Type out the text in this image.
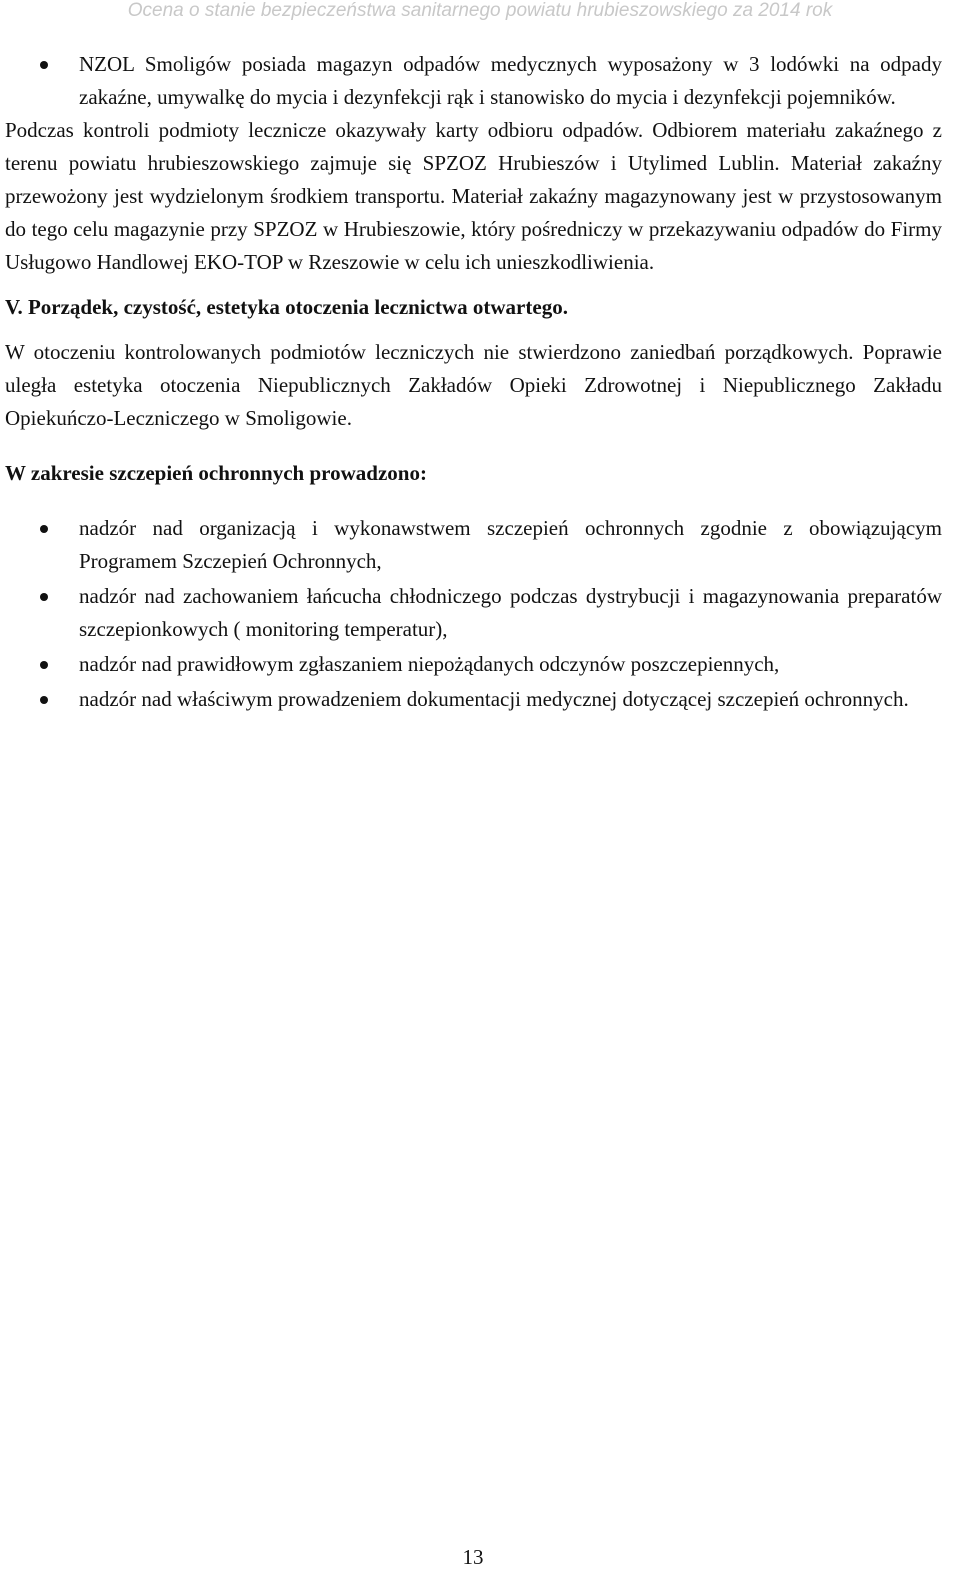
Ocena o stanie bezpieczeństwa sanitarnego powiatu hrubieszowskiego za 2014 rok
NZOL Smoligów posiada magazyn odpadów medycznych wyposażony w 3 lodówki na odpady zakaźne, umywalkę do mycia i dezynfekcji rąk i stanowisko do mycia i dezynfekcji pojemników.

Podczas kontroli podmioty lecznicze okazywały karty odbioru odpadów. Odbiorem materiału zakaźnego z terenu powiatu hrubieszowskiego zajmuje się SPZOZ Hrubieszów i Utylimed Lublin. Materiał zakaźny przewożony jest wydzielonym środkiem transportu. Materiał zakaźny magazynowany jest w przystosowanym do tego celu magazynie przy SPZOZ w Hrubieszowie, który pośredniczy w przekazywaniu odpadów do Firmy Usługowo Handlowej EKO-TOP w Rzeszowie w celu ich unieszkodliwienia.

V. Porządek, czystość, estetyka otoczenia lecznictwa otwartego.

W otoczeniu kontrolowanych podmiotów leczniczych nie stwierdzono zaniedbań porządkowych. Poprawie uległa estetyka otoczenia Niepublicznych Zakładów Opieki Zdrowotnej i Niepublicznego Zakładu Opiekuńczo-Leczniczego w Smoligowie.

W zakresie szczepień ochronnych prowadzono:

nadzór nad organizacją i wykonawstwem szczepień ochronnych zgodnie z obowiązującym Programem Szczepień Ochronnych,
nadzór nad zachowaniem łańcucha chłodniczego podczas dystrybucji i magazynowania preparatów szczepionkowych ( monitoring temperatur),
nadzór nad prawidłowym zgłaszaniem niepożądanych odczynów poszczepiennych,
nadzór nad właściwym prowadzeniem dokumentacji medycznej dotyczącej szczepień ochronnych.
13
